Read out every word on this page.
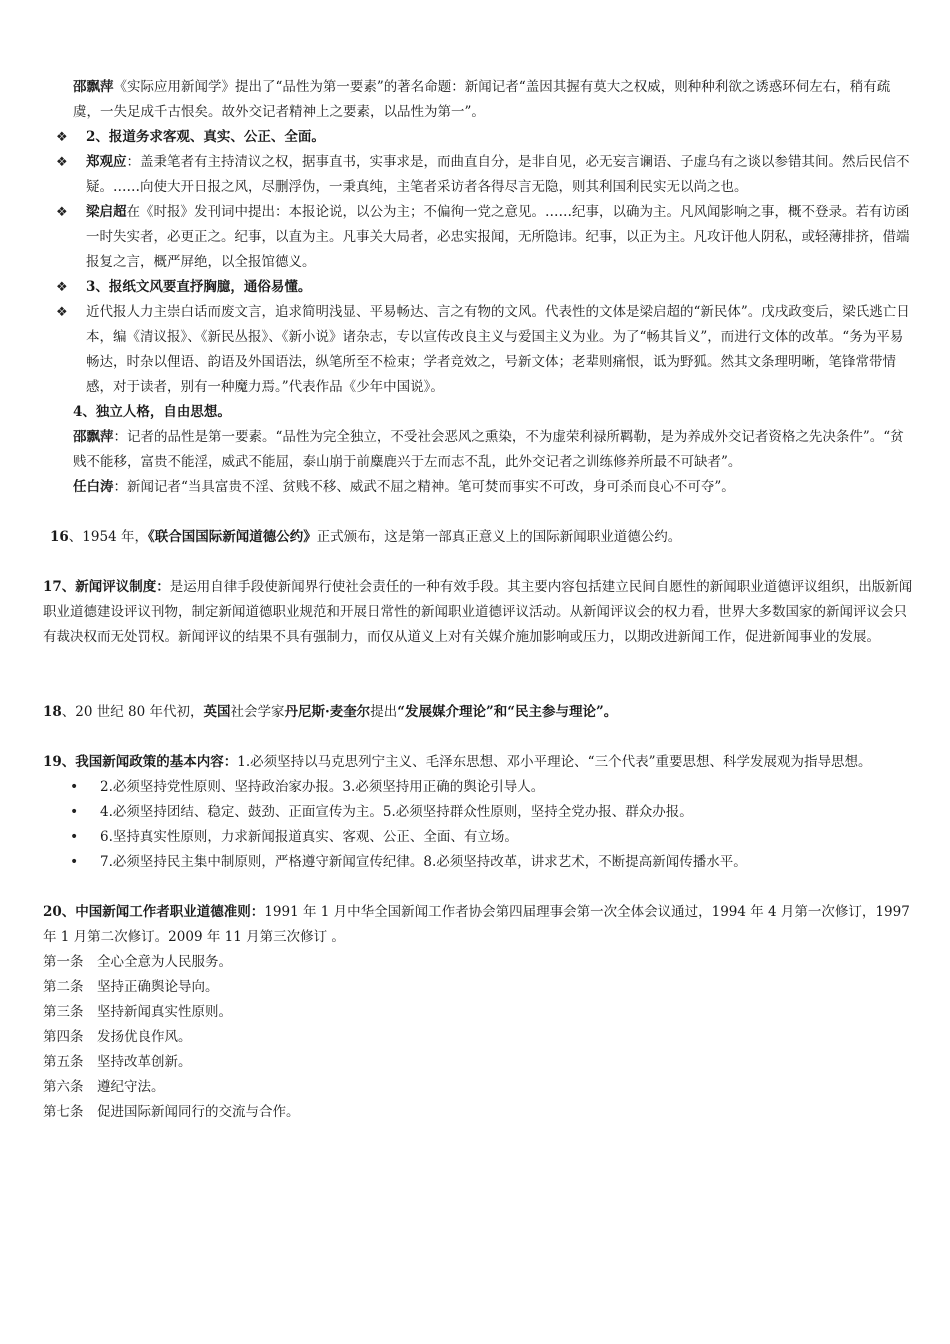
邵飘萍《实际应用新闻学》提出了“品性为第一要素”的著名命题：新闻记者“盖因其握有莫大之权威，则种种利欲之诱惑环伺左右，稍有疏虞，一失足成千古恨矣。故外交记者精神上之要素，以品性为第一”。

❖ 2、报道务求客观、真实、公正、全面。

❖ 郑观应：盖秉笔者有主持清议之权，据事直书，实事求是，而曲直自分，是非自见，必无妄言谰语、子虚乌有之谈以参错其间。然后民信不疑。……向使大开日报之风，尽删浮伪，一秉真纯，主笔者采访者各得尽言无隐，则其利国利民实无以尚之也。

❖ 梁启超在《时报》发刊词中提出：本报论说，以公为主；不偏徇一党之意见。……纪事，以确为主。凡风闻影响之事，概不登录。若有访函一时失实者，必更正之。纪事，以直为主。凡事关大局者，必忠实报闻，无所隐讳。纪事，以正为主。凡攻讦他人阴私，或轻薄排挤，借端报复之言，概严屏绝，以全报馆德义。

❖ 3、报纸文风要直抒胸臆，通俗易懂。

❖ 近代报人力主崇白话而废文言，追求简明浅显、平易畅达、言之有物的文风。代表性的文体是梁启超的“新民体”。戊戌政变后，梁氏逃亡日本，编《清议报》、《新民丛报》、《新小说》诸杂志，专以宣传改良主义与爱国主义为业。为了“畅其旨义”，而进行文体的改革。“务为平易畅达，时杂以俚语、韵语及外国语法，纵笔所至不检束；学者竞效之，号新文体；老辈则痛恨，诋为野狐。然其文条理明晰，笔锋常带情感，对于读者，别有一种魔力焉。”代表作品《少年中国说》。

4、独立人格，自由思想。

邵飘萍：记者的品性是第一要素。“品性为完全独立，不受社会恶风之熏染，不为虚荣利禄所羁勒，是为养成外交记者资格之先决条件”。“贫贱不能移，富贵不能淫，威武不能屈，泰山崩于前麋鹿兴于左而志不乱，此外交记者之训练修养所最不可缺者”。

任白涛：新闻记者“当具富贵不淫、贫贱不移、威武不屈之精神。笔可焚而事实不可改，身可杀而良心不可夺”。

16、1954 年，《联合国国际新闻道德公约》正式颁布，这是第一部真正意义上的国际新闻职业道德公约。

17、新闻评议制度：是运用自律手段使新闻界行使社会责任的一种有效手段。其主要内容包括建立民间自愿性的新闻职业道德评议组织，出版新闻职业道德建设评议刊物，制定新闻道德职业规范和开展日常性的新闻职业道德评议活动。从新闻评议会的权力看，世界大多数国家的新闻评议会只有裁决权而无处罚权。新闻评议的结果不具有强制力，而仅从道义上对有关媒介施加影响或压力，以期改进新闻工作，促进新闻事业的发展。

18、20 世纪 80 年代初，英国社会学家丹尼斯·麦奎尔提出“发展媒介理论”和“民主参与理论”。

19、我国新闻政策的基本内容：1.必须坚持以马克思列宁主义、毛泽东思想、邓小平理论、“三个代表”重要思想、科学发展观为指导思想。

• 2.必须坚持党性原则、坚持政治家办报。3.必须坚持用正确的舆论引导人。

• 4.必须坚持团结、稳定、鼓劲、正面宣传为主。5.必须坚持群众性原则，坚持全党办报、群众办报。

• 6.坚持真实性原则，力求新闻报道真实、客观、公正、全面、有立场。

• 7.必须坚持民主集中制原则，严格遵守新闻宣传纪律。8.必须坚持改革，讲求艺术，不断提高新闻传播水平。

20、中国新闻工作者职业道德准则：1991 年 1 月中华全国新闻工作者协会第四届理事会第一次全体会议通过，1994 年 4 月第一次修订，1997 年 1 月第二次修订。2009 年 11 月第三次修订 。

第一条　全心全意为人民服务。

第二条　坚持正确舆论导向。

第三条　坚持新闻真实性原则。

第四条　发扬优良作风。

第五条　坚持改革创新。

第六条　遵纪守法。

第七条　促进国际新闻同行的交流与合作。
